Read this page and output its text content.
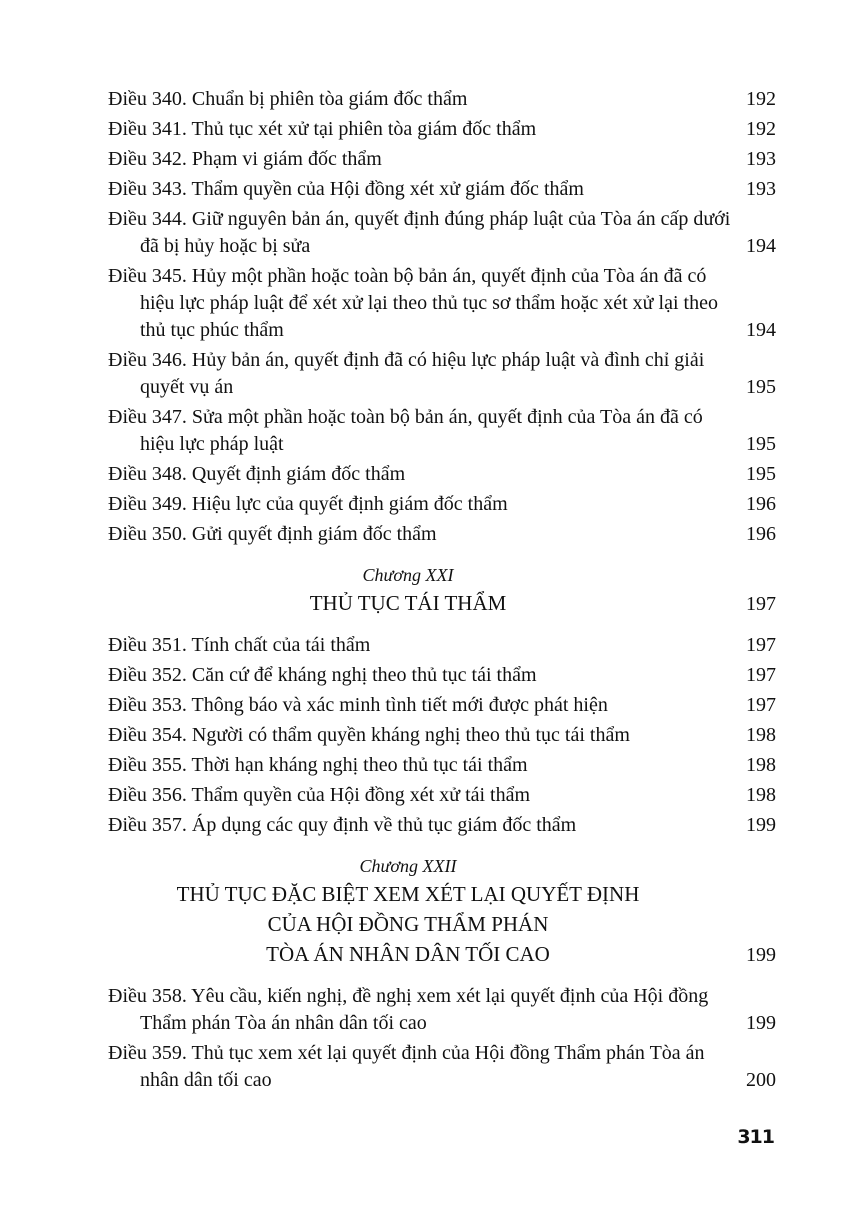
Điều 340. Chuẩn bị phiên tòa giám đốc thẩm	192
Điều 341. Thủ tục xét xử tại phiên tòa giám đốc thẩm	192
Điều 342. Phạm vi giám đốc thẩm	193
Điều 343. Thẩm quyền của Hội đồng xét xử giám đốc thẩm	193
Điều 344. Giữ nguyên bản án, quyết định đúng pháp luật của Tòa án cấp dưới đã bị hủy hoặc bị sửa	194
Điều 345. Hủy một phần hoặc toàn bộ bản án, quyết định của Tòa án đã có hiệu lực pháp luật để xét xử lại theo thủ tục sơ thẩm hoặc xét xử lại theo thủ tục phúc thẩm	194
Điều 346. Hủy bản án, quyết định đã có hiệu lực pháp luật và đình chỉ giải quyết vụ án	195
Điều 347. Sửa một phần hoặc toàn bộ bản án, quyết định của Tòa án đã có hiệu lực pháp luật	195
Điều 348. Quyết định giám đốc thẩm	195
Điều 349. Hiệu lực của quyết định giám đốc thẩm	196
Điều 350. Gửi quyết định giám đốc thẩm	196
Chương XXI
THỦ TỤC TÁI THẨM	197
Điều 351. Tính chất của tái thẩm	197
Điều 352. Căn cứ để kháng nghị theo thủ tục tái thẩm	197
Điều 353. Thông báo và xác minh tình tiết mới được phát hiện	197
Điều 354. Người có thẩm quyền kháng nghị theo thủ tục tái thẩm	198
Điều 355. Thời hạn kháng nghị theo thủ tục tái thẩm	198
Điều 356. Thẩm quyền của Hội đồng xét xử tái thẩm	198
Điều 357. Áp dụng các quy định về thủ tục giám đốc thẩm	199
Chương XXII
THỦ TỤC ĐẶC BIỆT XEM XÉT LẠI QUYẾT ĐỊNH
CỦA HỘI ĐỒNG THẨM PHÁN
TÒA ÁN NHÂN DÂN TỐI CAO	199
Điều 358. Yêu cầu, kiến nghị, đề nghị xem xét lại quyết định của Hội đồng Thẩm phán Tòa án nhân dân tối cao	199
Điều 359. Thủ tục xem xét lại quyết định của Hội đồng Thẩm phán Tòa án nhân dân tối cao	200
311
